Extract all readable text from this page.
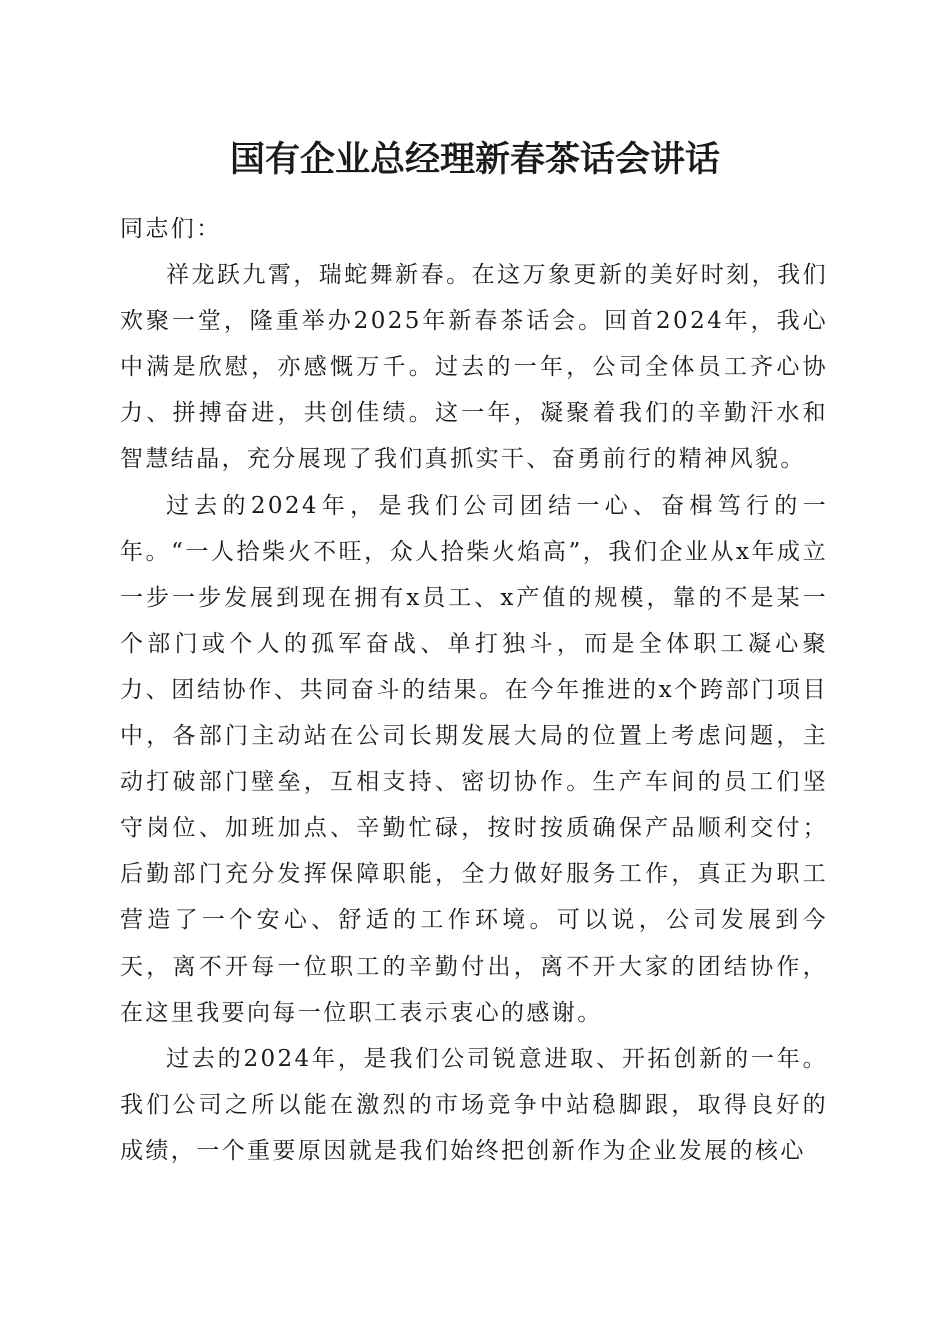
国有企业总经理新春茶话会讲话

同志们：

祥龙跃九霄，瑞蛇舞新春。在这万象更新的美好时刻，我们欢聚一堂，隆重举办2025年新春茶话会。回首2024年，我心中满是欣慰，亦感慨万千。过去的一年，公司全体员工齐心协力、拼搏奋进，共创佳绩。这一年，凝聚着我们的辛勤汗水和智慧结晶，充分展现了我们真抓实干、奋勇前行的精神风貌。

过去的2024年，是我们公司团结一心、奋楫笃行的一年。“一人拾柴火不旺，众人拾柴火焰高”，我们企业从x年成立一步一步发展到现在拥有x员工、x产值的规模，靠的不是某一个部门或个人的孤军奋战、单打独斗，而是全体职工凝心聚力、团结协作、共同奋斗的结果。在今年推进的x个跨部门项目中，各部门主动站在公司长期发展大局的位置上考虑问题，主动打破部门壁垒，互相支持、密切协作。生产车间的员工们坚守岗位、加班加点、辛勤忙碌，按时按质确保产品顺利交付；后勤部门充分发挥保障职能，全力做好服务工作，真正为职工营造了一个安心、舒适的工作环境。可以说，公司发展到今天，离不开每一位职工的辛勤付出，离不开大家的团结协作，在这里我要向每一位职工表示衷心的感谢。

过去的2024年，是我们公司锐意进取、开拓创新的一年。我们公司之所以能在激烈的市场竞争中站稳脚跟，取得良好的成绩，一个重要原因就是我们始终把创新作为企业发展的核心
